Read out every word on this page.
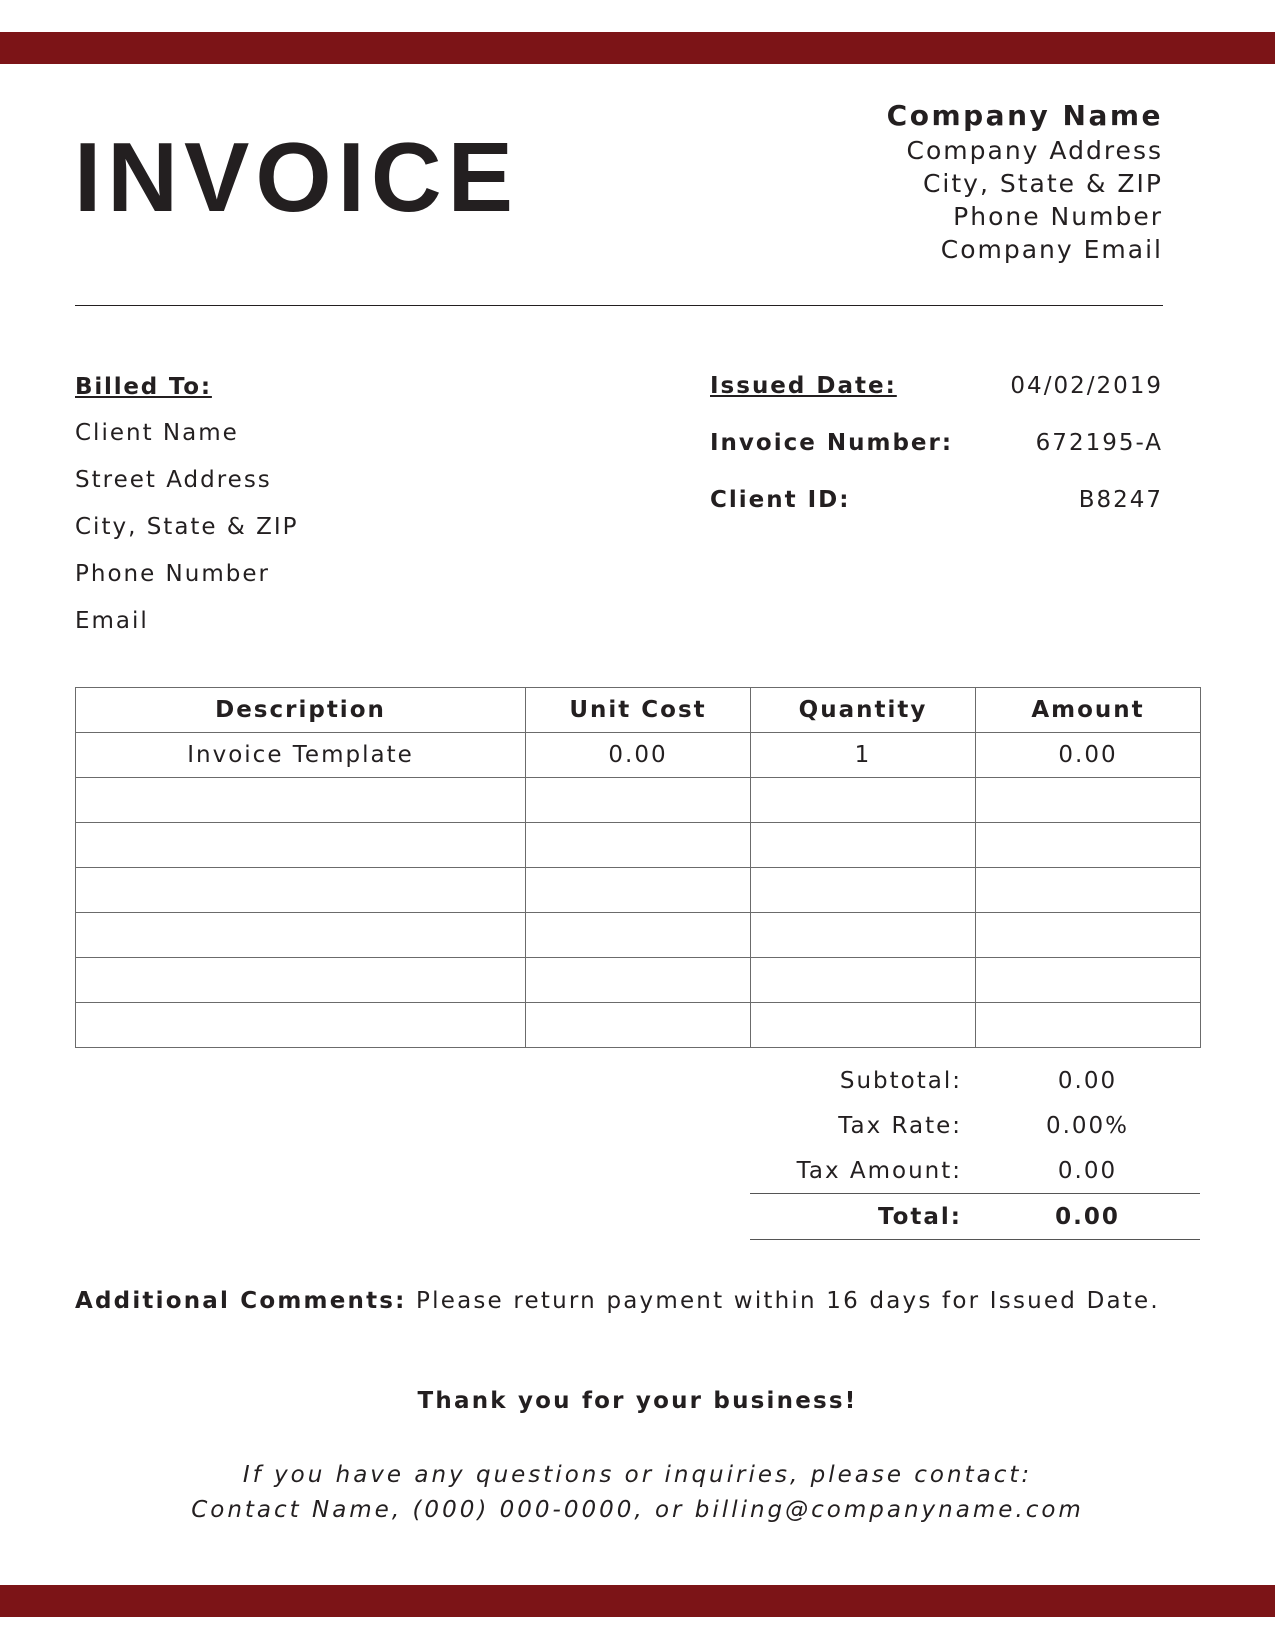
INVOICE
Company Name
Company Address
City, State & ZIP
Phone Number
Company Email
Billed To:
Client Name
Street Address
City, State & ZIP
Phone Number
Email
Issued Date:	04/02/2019
Invoice Number:	672195-A
Client ID:	B8247
Description	Unit Cost	Quantity	Amount
Invoice Template	0.00	1	0.00

Subtotal:	0.00
Tax Rate:	0.00%
Tax Amount:	0.00
Total:	0.00
Additional Comments: Please return payment within 16 days for Issued Date.
Thank you for your business!
If you have any questions or inquiries, please contact:
Contact Name, (000) 000-0000, or billing@companyname.com
